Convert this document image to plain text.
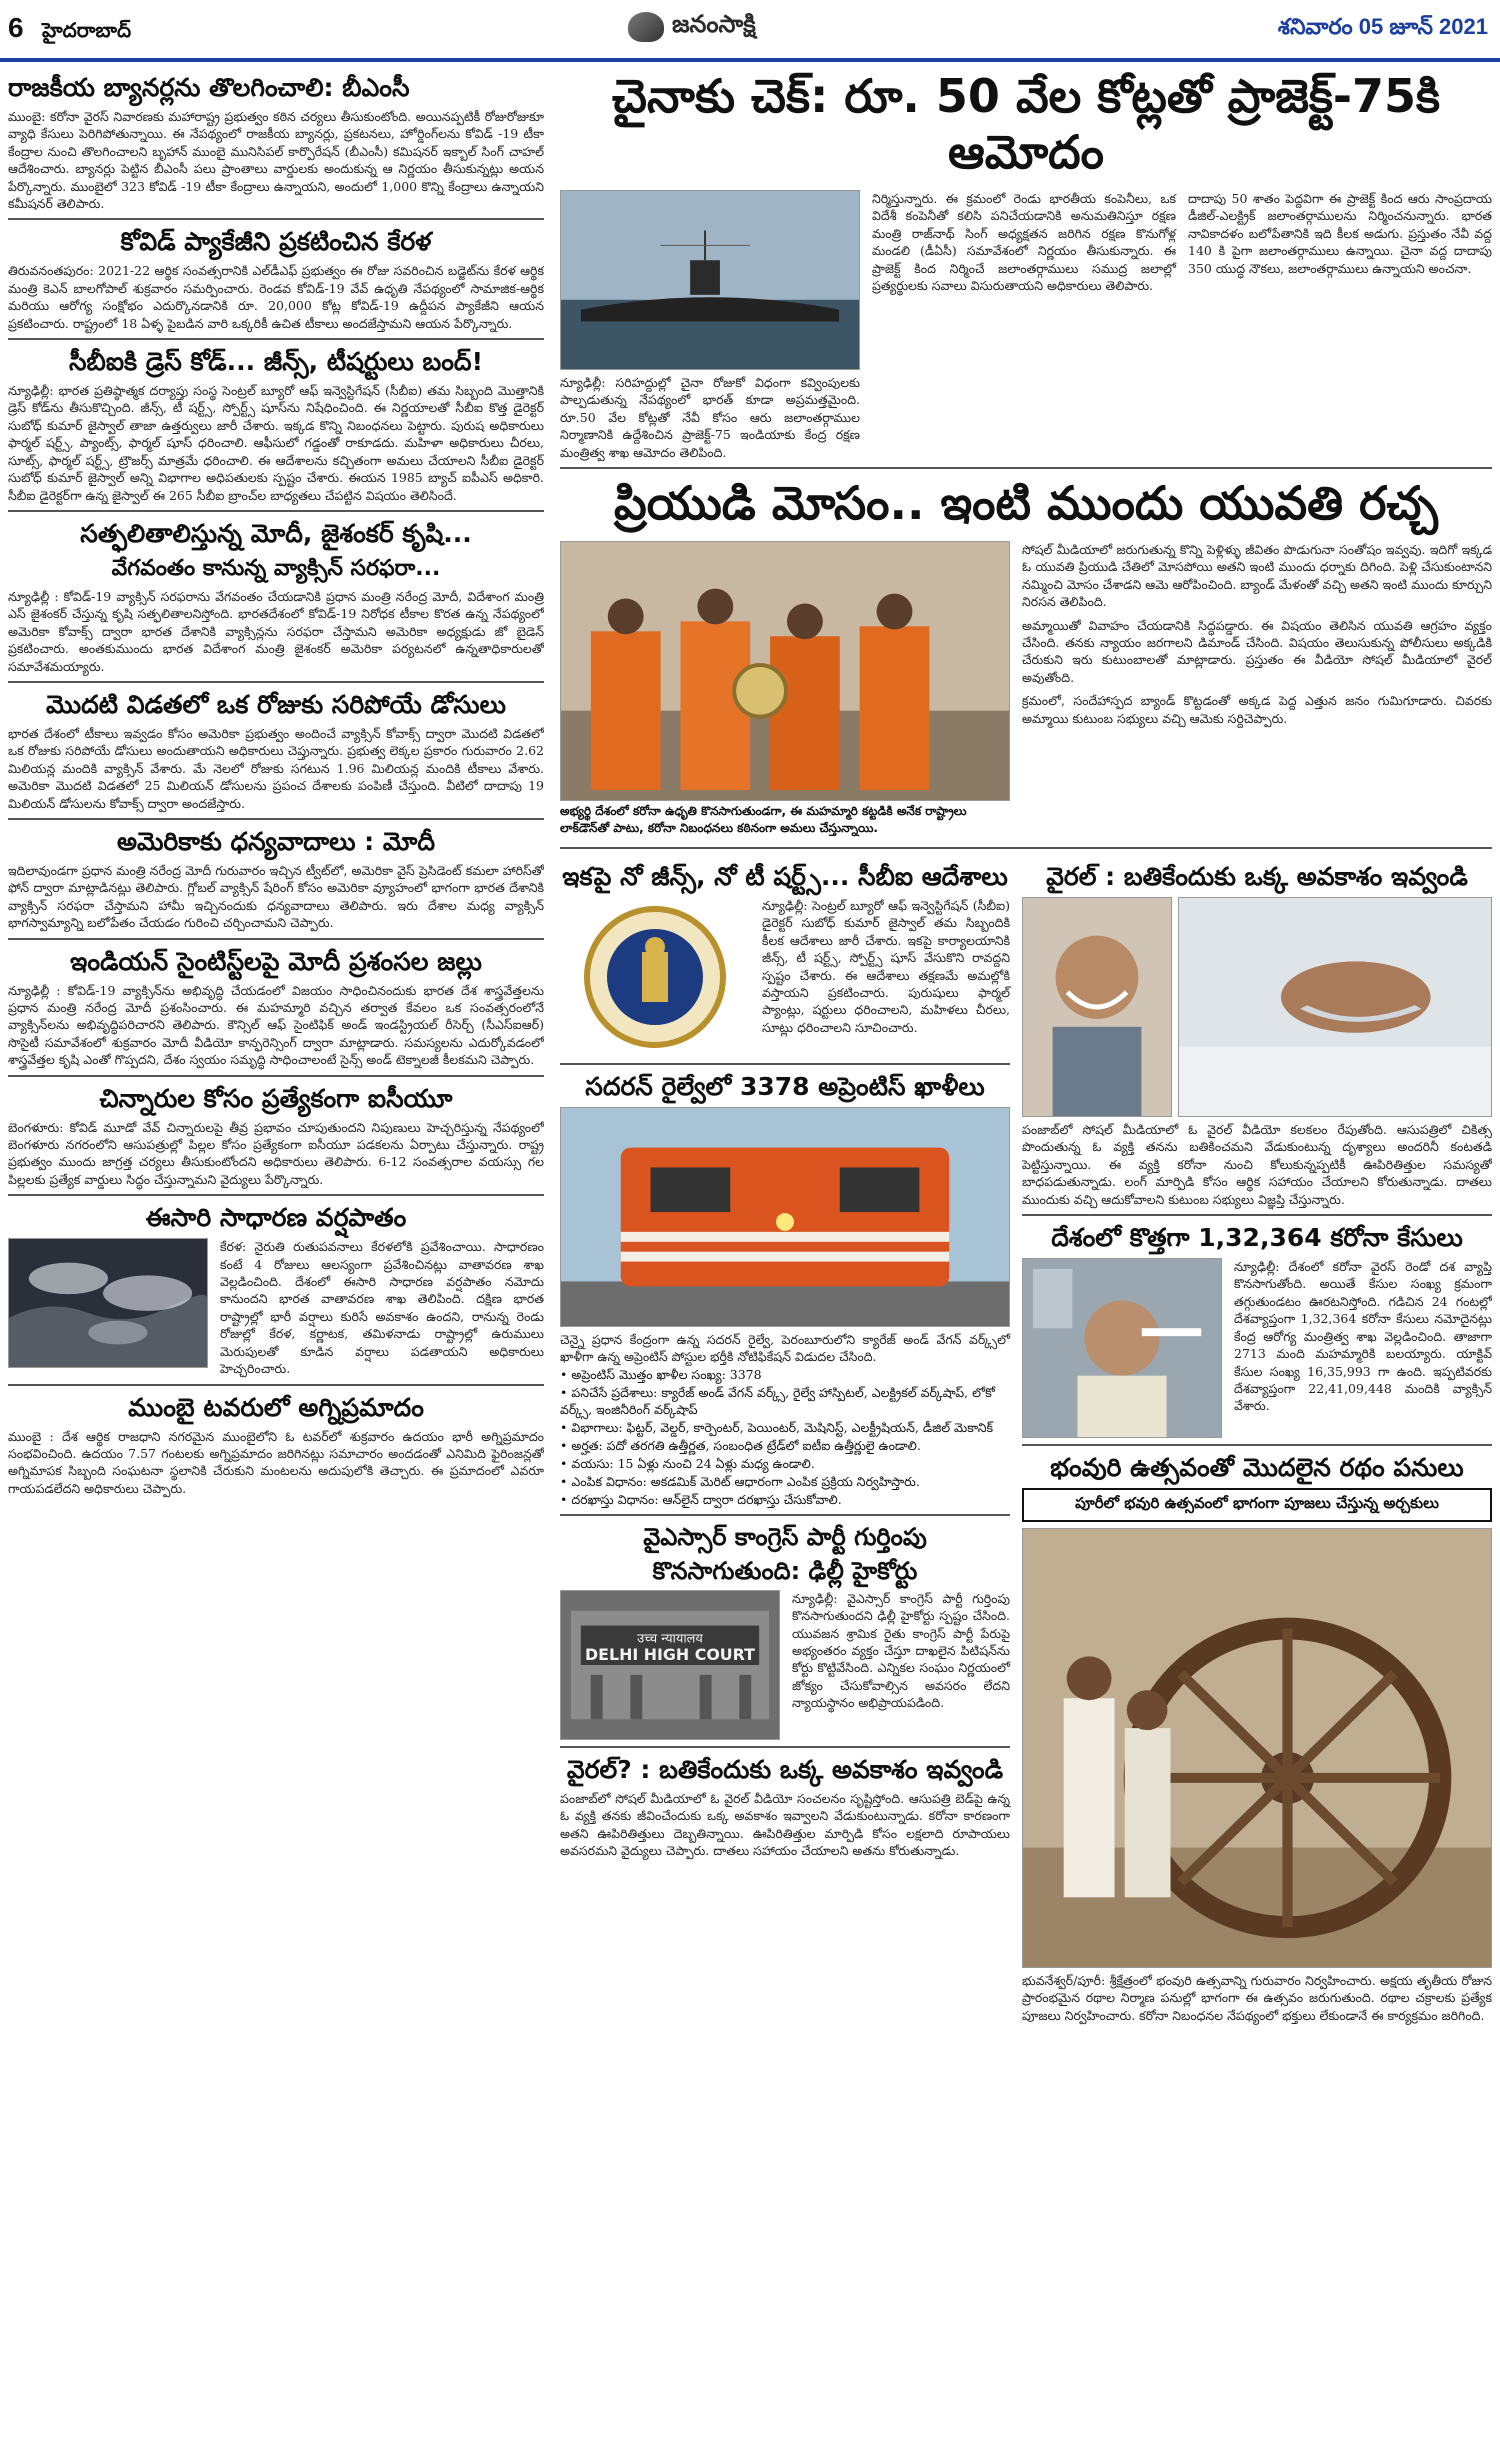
6 హైదరాబాద్	జనంసాక్షి	శనివారం 05 జూన్ 2021
రాజకీయ బ్యానర్లను తొలగించాలి: బీఎంసీ

ముంబై: కరోనా వైరస్ నివారణకు మహారాష్ట్ర ప్రభుత్వం కఠిన చర్యలు తీసుకుంటోంది. అయినప్పటికీ రోజురోజుకూ వ్యాధి కేసులు పెరిగిపోతున్నాయి. ఈ నేపథ్యంలో రాజకీయ బ్యానర్లు, ప్రకటనలు, హోర్డింగ్‌లను కోవిడ్ -19 టీకా కేంద్రాల నుంచి తొలగించాలని బృహాన్ ముంబై మునిసిపల్ కార్పొరేషన్ (బీఎంసీ) కమిషనర్ ఇక్బాల్ సింగ్ చాహల్ ఆదేశించారు. బ్యానర్లు పెట్టిన బీఎంసీ పలు ప్రాంతాలు వార్డులకు అందుకున్న ఆ నిర్ణయం తీసుకున్నట్లు అయన పేర్కొన్నారు. ముంబైలో 323 కోవిడ్ -19 టీకా కేంద్రాలు ఉన్నాయని, అందులో 1,000 కొన్ని కేంద్రాలు ఉన్నాయని కమీషనర్ తెలిపారు.

కోవిడ్ ప్యాకేజీని ప్రకటించిన కేరళ

తిరువనంతపురం: 2021-22 ఆర్థిక సంవత్సరానికి ఎల్‌డీఎఫ్ ప్రభుత్వం ఈ రోజు సవరించిన బడ్జెట్‌ను కేరళ ఆర్థిక మంత్రి కెఎన్ బాలగోపాల్ శుక్రవారం సమర్పించారు. రెండవ కోవిడ్-19 వేవ్ ఉధృతి నేపథ్యంలో సామాజిక-ఆర్థిక మరియు ఆరోగ్య సంక్షోభం ఎదుర్కొనడానికి రూ. 20,000 కోట్ల కోవిడ్-19 ఉద్దీపన ప్యాకేజీని ఆయన ప్రకటించారు. రాష్ట్రంలో 18 ఏళ్ళ పైబడిన వారి ఒక్కరికీ ఉచిత టీకాలు అందజేస్తామని ఆయన పేర్కొన్నారు.

సీబీఐకి డ్రెస్ కోడ్... జీన్స్, టీషర్టులు బంద్!

న్యూఢిల్లీ: భారత ప్రతిష్ఠాత్మక దర్యాప్తు సంస్థ సెంట్రల్ బ్యూరో ఆఫ్ ఇన్వెస్టిగేషన్ (సీబీఐ) తమ సిబ్బంది మొత్తానికి డ్రెస్ కోడ్‌ను తీసుకొచ్చింది. జీన్స్, టీ షర్ట్స్, స్పోర్ట్స్ షూస్‌ను నిషేధించింది. ఈ నిర్ణయాలతో సీబీఐ కొత్త డైరెక్టర్ సుబోధ్ కుమార్ జైస్వాల్ తాజా ఉత్తర్వులు జారీ చేశారు. ఇక్కడ కొన్ని నిబంధనలు పెట్టారు. పురుష అధికారులు ఫార్మల్ షర్ట్స్, ప్యాంట్స్, ఫార్మల్ షూస్ ధరించాలి. ఆఫీసులో గడ్డంతో రాకూడదు. మహిళా అధికారులు చీరలు, సూట్స్, ఫార్మల్ షర్ట్స్, ట్రౌజర్స్ మాత్రమే ధరించాలి. ఈ ఆదేశాలను కచ్చితంగా అమలు చేయాలని సీబీఐ డైరెక్టర్ సుబోధ్ కుమార్ జైస్వాల్ అన్ని విభాగాల అధిపతులకు స్పష్టం చేశారు. ఈయన 1985 బ్యాచ్ ఐపీఎస్ అధికారి. సీబీఐ డైరెక్టర్‌గా ఉన్న జైస్వాల్ ఈ 265 సీబీఐ బ్రాంచ్‌ల బాధ్యతలు చేపట్టిన విషయం తెలిసిందే.

సత్ఫలితాలిస్తున్న మోదీ, జైశంకర్ కృషి...
వేగవంతం కానున్న వ్యాక్సిన్ సరఫరా...

న్యూఢిల్లీ : కోవిడ్-19 వ్యాక్సిన్ సరఫరాను వేగవంతం చేయడానికి ప్రధాన మంత్రి నరేంద్ర మోదీ, విదేశాంగ మంత్రి ఎస్ జైశంకర్ చేస్తున్న కృషి సత్ఫలితాలనిస్తోంది. భారతదేశంలో కోవిడ్-19 నిరోధక టీకాల కొరత ఉన్న నేపథ్యంలో అమెరికా కోవాక్స్ ద్వారా భారత దేశానికి వ్యాక్సిన్లను సరఫరా చేస్తామని అమెరికా అధ్యక్షుడు జో బైడెన్ ప్రకటించారు. అంతకుముందు భారత విదేశాంగ మంత్రి జైశంకర్ అమెరికా పర్యటనలో ఉన్నతాధికారులతో సమావేశమయ్యారు.

మొదటి విడతలో ఒక రోజుకు సరిపోయే డోసులు

భారత దేశంలో టీకాలు ఇవ్వడం కోసం అమెరికా ప్రభుత్వం అందించే వ్యాక్సిన్ కోవాక్స్ ద్వారా మొదటి విడతలో ఒక రోజుకు సరిపోయే డోసులు అందుతాయని అధికారులు చెప్తున్నారు. ప్రభుత్వ లెక్కల ప్రకారం గురువారం 2.62 మిలియన్ల మందికి వ్యాక్సిన్ వేశారు. మే నెలలో రోజుకు సగటున 1.96 మిలియన్ల మందికి టీకాలు వేశారు. అమెరికా మొదటి విడతలో 25 మిలియన్ డోసులను ప్రపంచ దేశాలకు పంపిణీ చేస్తుంది. వీటిలో దాదాపు 19 మిలియన్ డోసులను కోవాక్స్ ద్వారా అందజేస్తారు.

అమెరికాకు ధన్యవాదాలు : మోదీ

ఇదిలావుండగా ప్రధాన మంత్రి నరేంద్ర మోదీ గురువారం ఇచ్చిన ట్వీట్‌లో, అమెరికా వైస్ ప్రెసిడెంట్ కమలా హారిస్‌తో ఫోన్ ద్వారా మాట్లాడినట్లు తెలిపారు. గ్లోబల్ వ్యాక్సిన్ షేరింగ్ కోసం అమెరికా వ్యూహంలో భాగంగా భారత దేశానికి వ్యాక్సిన్ సరఫరా చేస్తామని హామీ ఇచ్చినందుకు ధన్యవాదాలు తెలిపారు. ఇరు దేశాల మధ్య వ్యాక్సిన్ భాగస్వామ్యాన్ని బలోపేతం చేయడం గురించి చర్చించామని చెప్పారు.

ఇండియన్ సైంటిస్ట్‌లపై మోదీ ప్రశంసల జల్లు

న్యూఢిల్లీ : కోవిడ్-19 వ్యాక్సిన్‌ను అభివృద్ధి చేయడంలో విజయం సాధించినందుకు భారత దేశ శాస్త్రవేత్తలను ప్రధాన మంత్రి నరేంద్ర మోదీ ప్రశంసించారు. ఈ మహమ్మారి వచ్చిన తర్వాత కేవలం ఒక సంవత్సరంలోనే వ్యాక్సిన్‌లను అభివృద్ధిపరిచారని తెలిపారు. కౌన్సిల్ ఆఫ్ సైంటిఫిక్ అండ్ ఇండస్ట్రియల్ రీసెర్చ్ (సీఎస్ఐఆర్) సొసైటీ సమావేశంలో శుక్రవారం మోదీ వీడియో కాన్ఫరెన్సింగ్ ద్వారా మాట్లాడారు. సమస్యలను ఎదుర్కోవడంలో శాస్త్రవేత్తల కృషి ఎంతో గొప్పదని, దేశం స్వయం సమృద్ధి సాధించాలంటే సైన్స్ అండ్ టెక్నాలజీ కీలకమని చెప్పారు.

చిన్నారుల కోసం ప్రత్యేకంగా ఐసీయూ

బెంగళూరు: కోవిడ్ మూడో వేవ్ చిన్నారులపై తీవ్ర ప్రభావం చూపుతుందని నిపుణులు హెచ్చరిస్తున్న నేపథ్యంలో బెంగళూరు నగరంలోని ఆసుపత్రుల్లో పిల్లల కోసం ప్రత్యేకంగా ఐసీయూ పడకలను ఏర్పాటు చేస్తున్నారు. రాష్ట్ర ప్రభుత్వం ముందు జాగ్రత్త చర్యలు తీసుకుంటోందని అధికారులు తెలిపారు. 6-12 సంవత్సరాల వయస్సు గల పిల్లలకు ప్రత్యేక వార్డులు సిద్ధం చేస్తున్నామని వైద్యులు పేర్కొన్నారు.

ఈసారి సాధారణ వర్షపాతం

కేరళ: నైరుతి రుతుపవనాలు కేరళలోకి ప్రవేశించాయి. సాధారణం కంటే 4 రోజులు ఆలస్యంగా ప్రవేశించినట్లు వాతావరణ శాఖ వెల్లడించింది. దేశంలో ఈసారి సాధారణ వర్షపాతం నమోదు కానుందని భారత వాతావరణ శాఖ తెలిపింది. దక్షిణ భారత రాష్ట్రాల్లో భారీ వర్షాలు కురిసే అవకాశం ఉందని, రానున్న రెండు రోజుల్లో కేరళ, కర్ణాటక, తమిళనాడు రాష్ట్రాల్లో ఉరుములు మెరుపులతో కూడిన వర్షాలు పడతాయని అధికారులు హెచ్చరించారు.

ముంబై టవరులో అగ్నిప్రమాదం

ముంబై : దేశ ఆర్థిక రాజధాని నగరమైన ముంబైలోని ఓ టవర్‌లో శుక్రవారం ఉదయం భారీ అగ్నిప్రమాదం సంభవించింది. ఉదయం 7.57 గంటలకు అగ్నిప్రమాదం జరిగినట్లు సమాచారం అందడంతో ఎనిమిది ఫైరింజన్లతో అగ్నిమాపక సిబ్బంది సంఘటనా స్థలానికి చేరుకుని మంటలను అదుపులోకి తెచ్చారు. ఈ ప్రమాదంలో ఎవరూ గాయపడలేదని అధికారులు చెప్పారు.

చైనాకు చెక్: రూ. 50 వేల కోట్లతో ప్రాజెక్ట్-75కి ఆమోదం

న్యూఢిల్లీ: సరిహద్దుల్లో చైనా రోజుకో విధంగా కవ్వింపులకు పాల్పడుతున్న నేపథ్యంలో భారత్ కూడా అప్రమత్తమైంది. రూ.50 వేల కోట్లతో నేవీ కోసం ఆరు జలాంతర్గాముల నిర్మాణానికి ఉద్దేశించిన ప్రాజెక్ట్-75 ఇండియాకు కేంద్ర రక్షణ మంత్రిత్వ శాఖ ఆమోదం తెలిపింది.

నిర్మిస్తున్నారు. ఈ క్రమంలో రెండు భారతీయ కంపెనీలు, ఒక విదేశీ కంపెనీతో కలిసి పనిచేయడానికి అనుమతినిస్తూ రక్షణ మంత్రి రాజ్‌నాథ్ సింగ్ అధ్యక్షతన జరిగిన రక్షణ కొనుగోళ్ల మండలి (డీఏసీ) సమావేశంలో నిర్ణయం తీసుకున్నారు. ఈ ప్రాజెక్ట్ కింద నిర్మించే జలాంతర్గాములు సముద్ర జలాల్లో ప్రత్యర్థులకు సవాలు విసురుతాయని అధికారులు తెలిపారు.

దాదాపు 50 శాతం పెద్దవిగా ఈ ప్రాజెక్ట్ కింద ఆరు సాంప్రదాయ డీజిల్-ఎలక్ట్రిక్ జలాంతర్గాములను నిర్మించనున్నారు. భారత నావికాదళం బలోపేతానికి ఇది కీలక అడుగు. ప్రస్తుతం నేవీ వద్ద 140 కి పైగా జలాంతర్గాములు ఉన్నాయి. చైనా వద్ద దాదాపు 350 యుద్ధ నౌకలు, జలాంతర్గాములు ఉన్నాయని అంచనా.

ప్రియుడి మోసం.. ఇంటి ముందు యువతి రచ్చ
అభ్యర్థి దేశంలో కరోనా ఉధృతి కొనసాగుతుండగా, ఈ మహమ్మారి కట్టడికి అనేక రాష్ట్రాలు లాక్‌డౌన్‌తో పాటు, కరోనా నిబంధనలు కఠినంగా అమలు చేస్తున్నాయి.

సోషల్ మీడియాలో జరుగుతున్న కొన్ని పెళ్లిళ్ళు జీవితం పొడుగునా సంతోషం ఇవ్వవు. ఇదిగో ఇక్కడ ఓ యువతి ప్రియుడి చేతిలో మోసపోయి అతని ఇంటి ముందు ధర్నాకు దిగింది. పెళ్లి చేసుకుంటానని నమ్మించి మోసం చేశాడని ఆమె ఆరోపించింది. బ్యాండ్ మేళంతో వచ్చి అతని ఇంటి ముందు కూర్చుని నిరసన తెలిపింది.

అమ్మాయితో వివాహం చేయడానికి సిద్ధపడ్డారు. ఈ విషయం తెలిసిన యువతి ఆగ్రహం వ్యక్తం చేసింది. తనకు న్యాయం జరగాలని డిమాండ్ చేసింది. విషయం తెలుసుకున్న పోలీసులు అక్కడికి చేరుకుని ఇరు కుటుంబాలతో మాట్లాడారు. ప్రస్తుతం ఈ వీడియో సోషల్ మీడియాలో వైరల్ అవుతోంది.

క్రమంలో, సందేహాస్పద బ్యాండ్ కొట్టడంతో అక్కడ పెద్ద ఎత్తున జనం గుమిగూడారు. చివరకు అమ్మాయి కుటుంబ సభ్యులు వచ్చి ఆమెకు సర్దిచెప్పారు.

ఇకపై నో జీన్స్, నో టీ షర్ట్స్... సీబీఐ ఆదేశాలు

న్యూఢిల్లీ: సెంట్రల్ బ్యూరో ఆఫ్ ఇన్వెస్టిగేషన్ (సీబీఐ) డైరెక్టర్ సుబోధ్ కుమార్ జైస్వాల్ తమ సిబ్బందికి కీలక ఆదేశాలు జారీ చేశారు. ఇకపై కార్యాలయానికి జీన్స్, టీ షర్ట్స్, స్పోర్ట్స్ షూస్ వేసుకొని రావద్దని స్పష్టం చేశారు. ఈ ఆదేశాలు తక్షణమే అమల్లోకి వస్తాయని ప్రకటించారు. పురుషులు ఫార్మల్ ప్యాంట్లు, షర్టులు ధరించాలని, మహిళలు చీరలు, సూట్లు ధరించాలని సూచించారు.

సదరన్ రైల్వేలో 3378 అప్రెంటిస్ ఖాళీలు

చెన్నై ప్రధాన కేంద్రంగా ఉన్న సదరన్ రైల్వే, పెరంబూరులోని క్యారేజ్ అండ్ వేగన్ వర్క్స్‌లో ఖాళీగా ఉన్న అప్రెంటిస్ పోస్టుల భర్తీకి నోటిఫికేషన్ విడుదల చేసింది.

• అప్రెంటిస్ మొత్తం ఖాళీల సంఖ్య: 3378
• పనిచేసే ప్రదేశాలు: క్యారేజ్ అండ్ వేగన్ వర్క్స్, రైల్వే హాస్పిటల్, ఎలక్ట్రికల్ వర్క్‌షాప్, లోకో వర్క్స్, ఇంజినీరింగ్ వర్క్‌షాప్
• విభాగాలు: ఫిట్టర్, వెల్డర్, కార్పెంటర్, పెయింటర్, మెషినిస్ట్, ఎలక్ట్రీషియన్, డీజిల్ మెకానిక్
• అర్హత: పదో తరగతి ఉత్తీర్ణత, సంబంధిత ట్రేడ్‌లో ఐటీఐ ఉత్తీర్ణులై ఉండాలి.
• వయసు: 15 ఏళ్లు నుంచి 24 ఏళ్లు మధ్య ఉండాలి.
• ఎంపిక విధానం: అకడమిక్ మెరిట్ ఆధారంగా ఎంపిక ప్రక్రియ నిర్వహిస్తారు.
• దరఖాస్తు విధానం: ఆన్‌లైన్ ద్వారా దరఖాస్తు చేసుకోవాలి.
వైఎస్సార్ కాంగ్రెస్ పార్టీ గుర్తింపు
కొనసాగుతుంది: ఢిల్లీ హైకోర్టు
उच्च न्यायालय
DELHI HIGH COURT

న్యూఢిల్లీ: వైఎస్సార్ కాంగ్రెస్ పార్టీ గుర్తింపు కొనసాగుతుందని ఢిల్లీ హైకోర్టు స్పష్టం చేసింది. యువజన శ్రామిక రైతు కాంగ్రెస్ పార్టీ పేరుపై అభ్యంతరం వ్యక్తం చేస్తూ దాఖలైన పిటిషన్‌ను కోర్టు కొట్టివేసింది. ఎన్నికల సంఘం నిర్ణయంలో జోక్యం చేసుకోవాల్సిన అవసరం లేదని న్యాయస్థానం అభిప్రాయపడింది.

వైరల్? : బతికేందుకు ఒక్క అవకాశం ఇవ్వండి

పంజాబ్‌లో సోషల్ మీడియాలో ఓ వైరల్ వీడియో సంచలనం సృష్టిస్తోంది. ఆసుపత్రి బెడ్‌పై ఉన్న ఓ వ్యక్తి తనకు జీవించేందుకు ఒక్క అవకాశం ఇవ్వాలని వేడుకుంటున్నాడు. కరోనా కారణంగా అతని ఊపిరితిత్తులు దెబ్బతిన్నాయి. ఊపిరితిత్తుల మార్పిడి కోసం లక్షలాది రూపాయలు అవసరమని వైద్యులు చెప్పారు. దాతలు సహాయం చేయాలని అతను కోరుతున్నాడు.

వైరల్ : బతికేందుకు ఒక్క అవకాశం ఇవ్వండి

పంజాబ్‌లో సోషల్ మీడియాలో ఓ వైరల్ వీడియో కలకలం రేపుతోంది. ఆసుపత్రిలో చికిత్స పొందుతున్న ఓ వ్యక్తి తనను బతికించమని వేడుకుంటున్న దృశ్యాలు అందరినీ కంటతడి పెట్టిస్తున్నాయి. ఈ వ్యక్తి కరోనా నుంచి కోలుకున్నప్పటికీ ఊపిరితిత్తుల సమస్యతో బాధపడుతున్నాడు. లంగ్ మార్పిడి కోసం ఆర్థిక సహాయం చేయాలని కోరుతున్నాడు. దాతలు ముందుకు వచ్చి ఆదుకోవాలని కుటుంబ సభ్యులు విజ్ఞప్తి చేస్తున్నారు.

దేశంలో కొత్తగా 1,32,364 కరోనా కేసులు

న్యూఢిల్లీ: దేశంలో కరోనా వైరస్ రెండో దశ వ్యాప్తి కొనసాగుతోంది. అయితే కేసుల సంఖ్య క్రమంగా తగ్గుతుండటం ఊరటనిస్తోంది. గడిచిన 24 గంటల్లో దేశవ్యాప్తంగా 1,32,364 కరోనా కేసులు నమోదైనట్లు కేంద్ర ఆరోగ్య మంత్రిత్వ శాఖ వెల్లడించింది. తాజాగా 2713 మంది మహమ్మారికి బలయ్యారు. యాక్టివ్ కేసుల సంఖ్య 16,35,993 గా ఉంది. ఇప్పటివరకు దేశవ్యాప్తంగా 22,41,09,448 మందికి వ్యాక్సిన్ వేశారు.

భంవురి ఉత్సవంతో మొదలైన రథం పనులు
పూరీలో భవురి ఉత్సవంలో భాగంగా పూజలు చేస్తున్న అర్చకులు

భువనేశ్వర్/పూరీ: శ్రీక్షేత్రంలో భంవురి ఉత్సవాన్ని గురువారం నిర్వహించారు. అక్షయ తృతీయ రోజున ప్రారంభమైన రథాల నిర్మాణ పనుల్లో భాగంగా ఈ ఉత్సవం జరుగుతుంది. రథాల చక్రాలకు ప్రత్యేక పూజలు నిర్వహించారు. కరోనా నిబంధనల నేపథ్యంలో భక్తులు లేకుండానే ఈ కార్యక్రమం జరిగింది.
